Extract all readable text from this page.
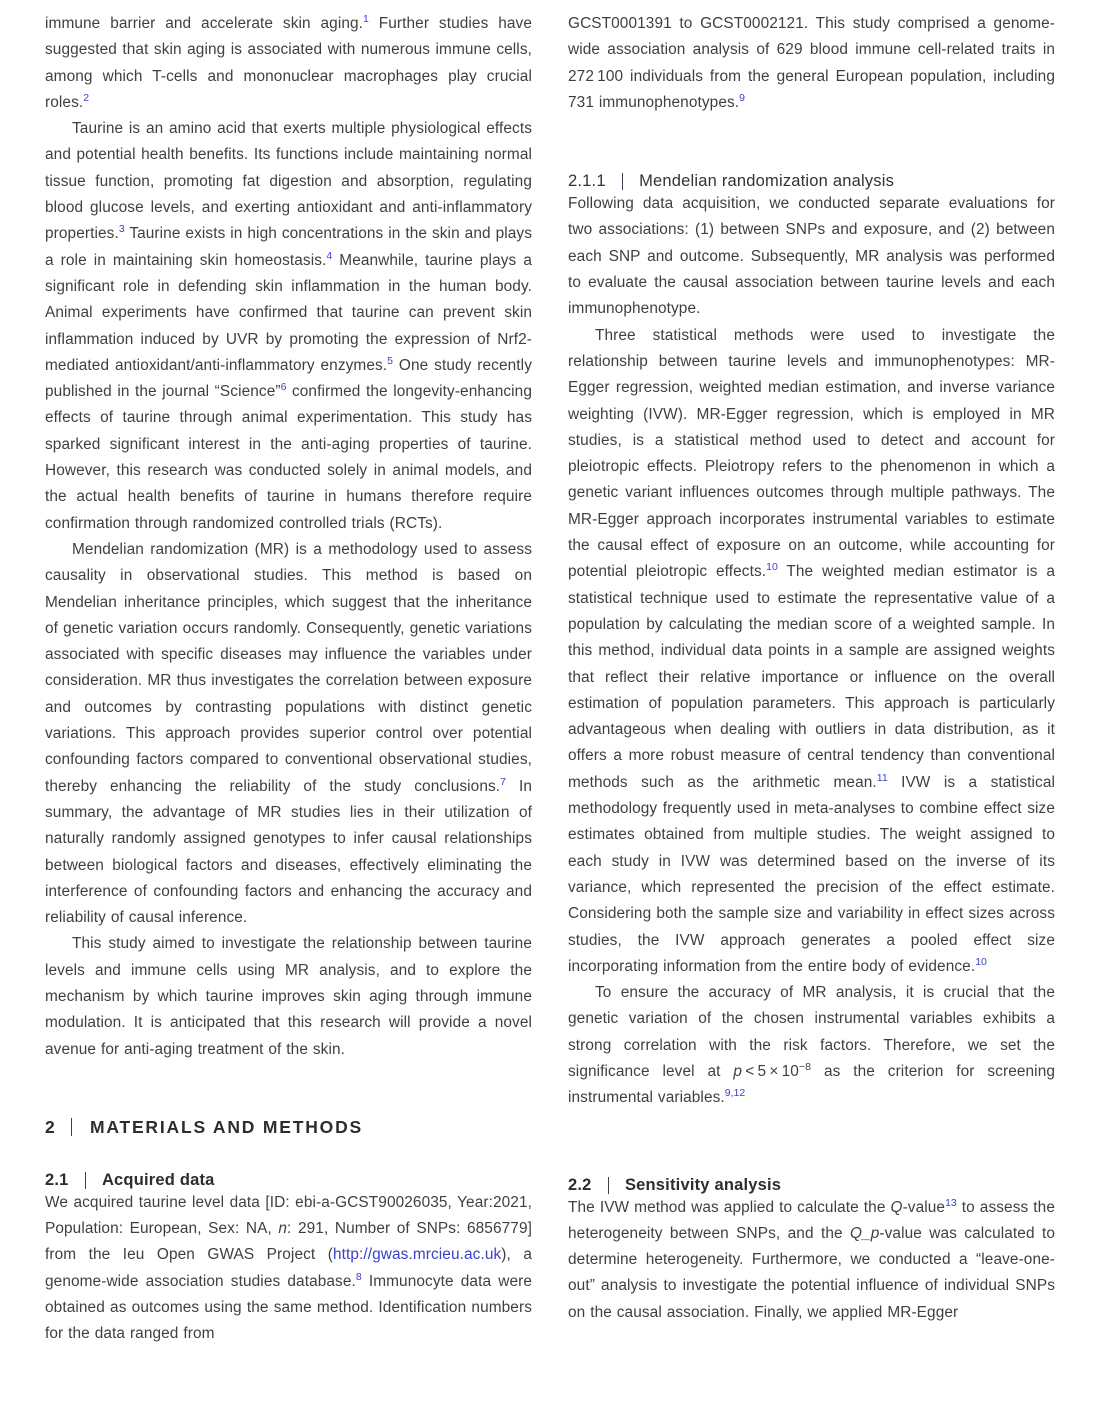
immune barrier and accelerate skin aging.$^1$ Further studies have suggested that skin aging is associated with numerous immune cells, among which T-cells and mononuclear macrophages play crucial roles.$^2$

Taurine is an amino acid that exerts multiple physiological effects and potential health benefits. Its functions include maintaining normal tissue function, promoting fat digestion and absorption, regulating blood glucose levels, and exerting antioxidant and anti-inflammatory properties.$^3$ Taurine exists in high concentrations in the skin and plays a role in maintaining skin homeostasis.$^4$ Meanwhile, taurine plays a significant role in defending skin inflammation in the human body. Animal experiments have confirmed that taurine can prevent skin inflammation induced by UVR by promoting the expression of Nrf2-mediated antioxidant/anti-inflammatory enzymes.$^5$ One study recently published in the journal “Science”$^6$ confirmed the longevity-enhancing effects of taurine through animal experimentation. This study has sparked significant interest in the anti-aging properties of taurine. However, this research was conducted solely in animal models, and the actual health benefits of taurine in humans therefore require confirmation through randomized controlled trials (RCTs).

Mendelian randomization (MR) is a methodology used to assess causality in observational studies. This method is based on Mendelian inheritance principles, which suggest that the inheritance of genetic variation occurs randomly. Consequently, genetic variations associated with specific diseases may influence the variables under consideration. MR thus investigates the correlation between exposure and outcomes by contrasting populations with distinct genetic variations. This approach provides superior control over potential confounding factors compared to conventional observational studies, thereby enhancing the reliability of the study conclusions.$^7$ In summary, the advantage of MR studies lies in their utilization of naturally randomly assigned genotypes to infer causal relationships between biological factors and diseases, effectively eliminating the interference of confounding factors and enhancing the accuracy and reliability of causal inference.

This study aimed to investigate the relationship between taurine levels and immune cells using MR analysis, and to explore the mechanism by which taurine improves skin aging through immune modulation. It is anticipated that this research will provide a novel avenue for anti-aging treatment of the skin.

2 MATERIALS AND METHODS
2.1 Acquired data

We acquired taurine level data [ID: ebi-a-GCST90026035, Year:2021, Population: European, Sex: NA, n: 291, Number of SNPs: 6856779] from the Ieu Open GWAS Project (http://gwas.mrcieu.ac.uk), a genome-wide association studies database.$^8$ Immunocyte data were obtained as outcomes using the same method. Identification numbers for the data ranged from

GCST0001391 to GCST0002121. This study comprised a genome-wide association analysis of 629 blood immune cell-related traits in 272 100 individuals from the general European population, including 731 immunophenotypes.$^9$

2.1.1 Mendelian randomization analysis

Following data acquisition, we conducted separate evaluations for two associations: (1) between SNPs and exposure, and (2) between each SNP and outcome. Subsequently, MR analysis was performed to evaluate the causal association between taurine levels and each immunophenotype.

Three statistical methods were used to investigate the relationship between taurine levels and immunophenotypes: MR-Egger regression, weighted median estimation, and inverse variance weighting (IVW). MR-Egger regression, which is employed in MR studies, is a statistical method used to detect and account for pleiotropic effects. Pleiotropy refers to the phenomenon in which a genetic variant influences outcomes through multiple pathways. The MR-Egger approach incorporates instrumental variables to estimate the causal effect of exposure on an outcome, while accounting for potential pleiotropic effects.$^{10}$ The weighted median estimator is a statistical technique used to estimate the representative value of a population by calculating the median score of a weighted sample. In this method, individual data points in a sample are assigned weights that reflect their relative importance or influence on the overall estimation of population parameters. This approach is particularly advantageous when dealing with outliers in data distribution, as it offers a more robust measure of central tendency than conventional methods such as the arithmetic mean.$^{11}$ IVW is a statistical methodology frequently used in meta-analyses to combine effect size estimates obtained from multiple studies. The weight assigned to each study in IVW was determined based on the inverse of its variance, which represented the precision of the effect estimate. Considering both the sample size and variability in effect sizes across studies, the IVW approach generates a pooled effect size incorporating information from the entire body of evidence.$^{10}$

To ensure the accuracy of MR analysis, it is crucial that the genetic variation of the chosen instrumental variables exhibits a strong correlation with the risk factors. Therefore, we set the significance level at $p < 5 \times 10^{-8}$ as the criterion for screening instrumental variables.$^{9,12}$

2.2 Sensitivity analysis

The IVW method was applied to calculate the Q-value$^{13}$ to assess the heterogeneity between SNPs, and the Q_p-value was calculated to determine heterogeneity. Furthermore, we conducted a “leave-one-out” analysis to investigate the potential influence of individual SNPs on the causal association. Finally, we applied MR-Egger
